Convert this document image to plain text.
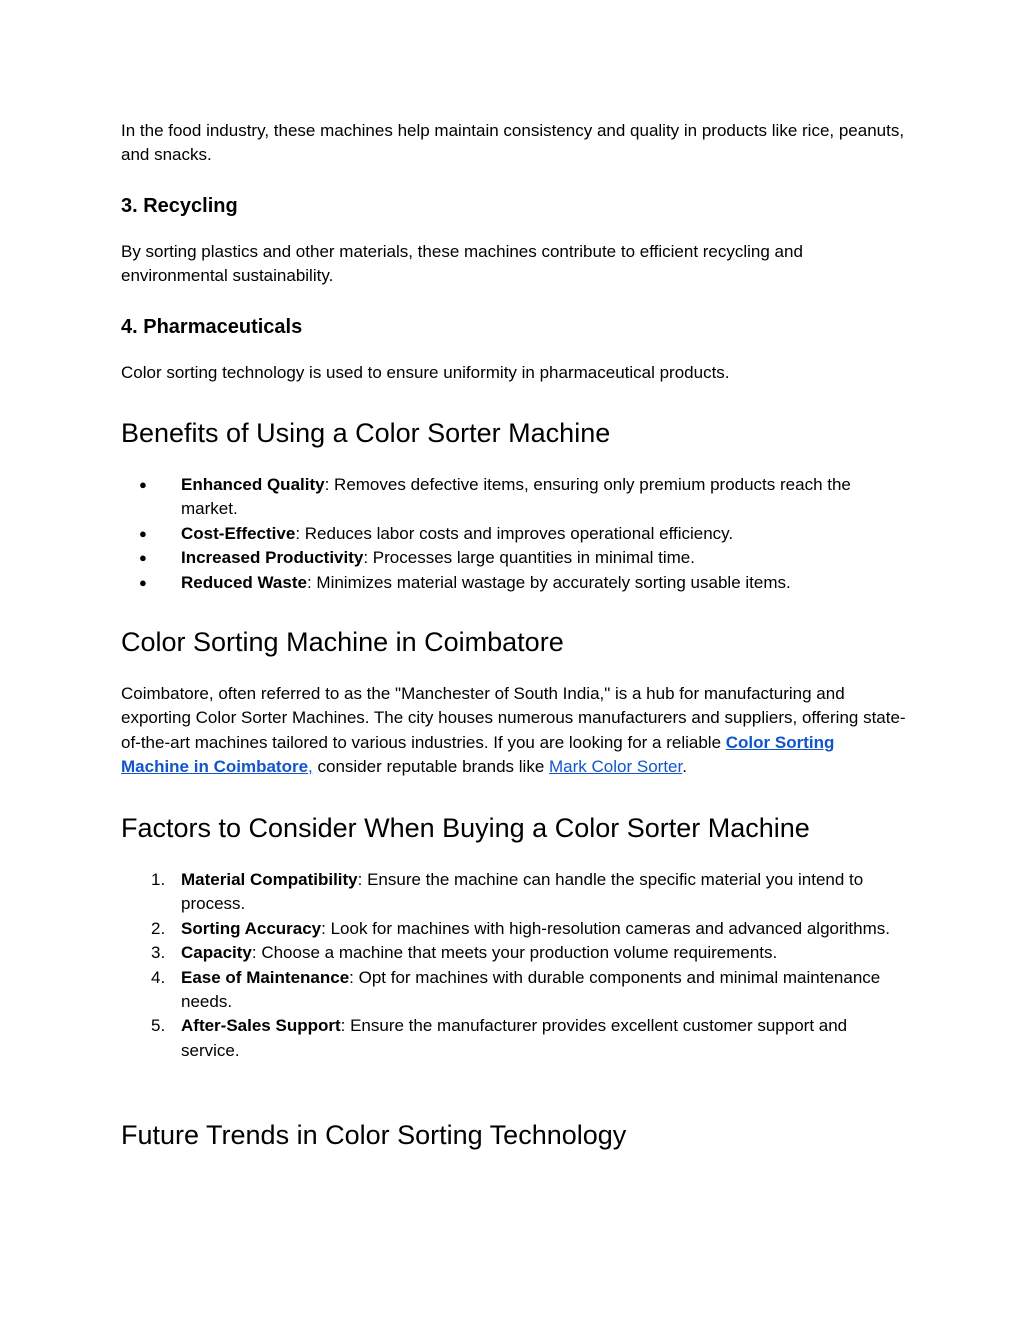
In the food industry, these machines help maintain consistency and quality in products like rice, peanuts, and snacks.

3. Recycling

By sorting plastics and other materials, these machines contribute to efficient recycling and environmental sustainability.

4. Pharmaceuticals

Color sorting technology is used to ensure uniformity in pharmaceutical products.

Benefits of Using a Color Sorter Machine
● Enhanced Quality: Removes defective items, ensuring only premium products reach the market.
● Cost-Effective: Reduces labor costs and improves operational efficiency.
● Increased Productivity: Processes large quantities in minimal time.
● Reduced Waste: Minimizes material wastage by accurately sorting usable items.
Color Sorting Machine in Coimbatore

Coimbatore, often referred to as the "Manchester of South India," is a hub for manufacturing and exporting Color Sorter Machines. The city houses numerous manufacturers and suppliers, offering state-of-the-art machines tailored to various industries. If you are looking for a reliable Color Sorting Machine in Coimbatore, consider reputable brands like Mark Color Sorter.

Factors to Consider When Buying a Color Sorter Machine
1. Material Compatibility: Ensure the machine can handle the specific material you intend to process.
2. Sorting Accuracy: Look for machines with high-resolution cameras and advanced algorithms.
3. Capacity: Choose a machine that meets your production volume requirements.
4. Ease of Maintenance: Opt for machines with durable components and minimal maintenance needs.
5. After-Sales Support: Ensure the manufacturer provides excellent customer support and service.
Future Trends in Color Sorting Technology
